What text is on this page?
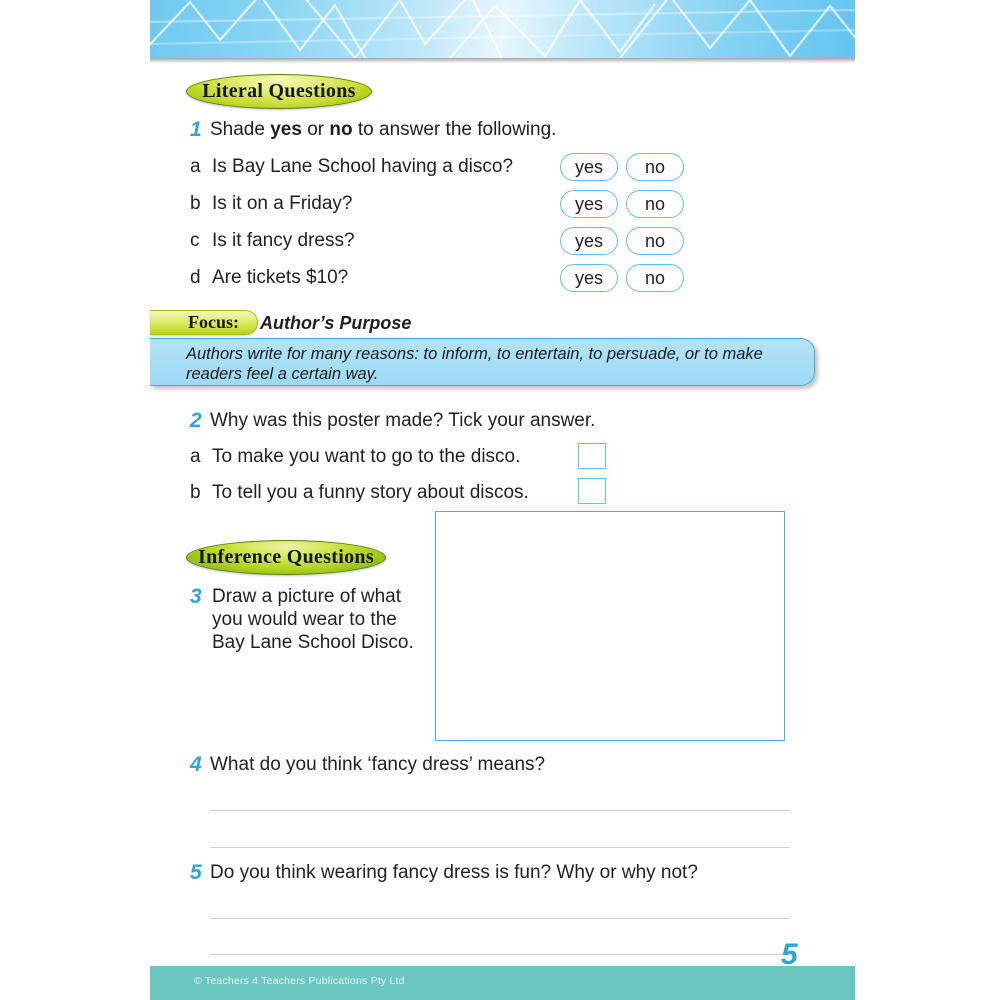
Literal Questions
1 Shade yes or no to answer the following.
a Is Bay Lane School having a disco?	yes	no
b Is it on a Friday?	yes	no
c Is it fancy dress?	yes	no
d Are tickets $10?	yes	no
Focus: Author’s Purpose
Authors write for many reasons: to inform, to entertain, to persuade, or to make readers feel a certain way.
2 Why was this poster made? Tick your answer.
a To make you want to go to the disco.
b To tell you a funny story about discos.
Inference Questions
3 Draw a picture of what you would wear to the Bay Lane School Disco.
4 What do you think ‘fancy dress’ means?
5 Do you think wearing fancy dress is fun? Why or why not?
© Teachers 4 Teachers Publications Pty Ltd
5
